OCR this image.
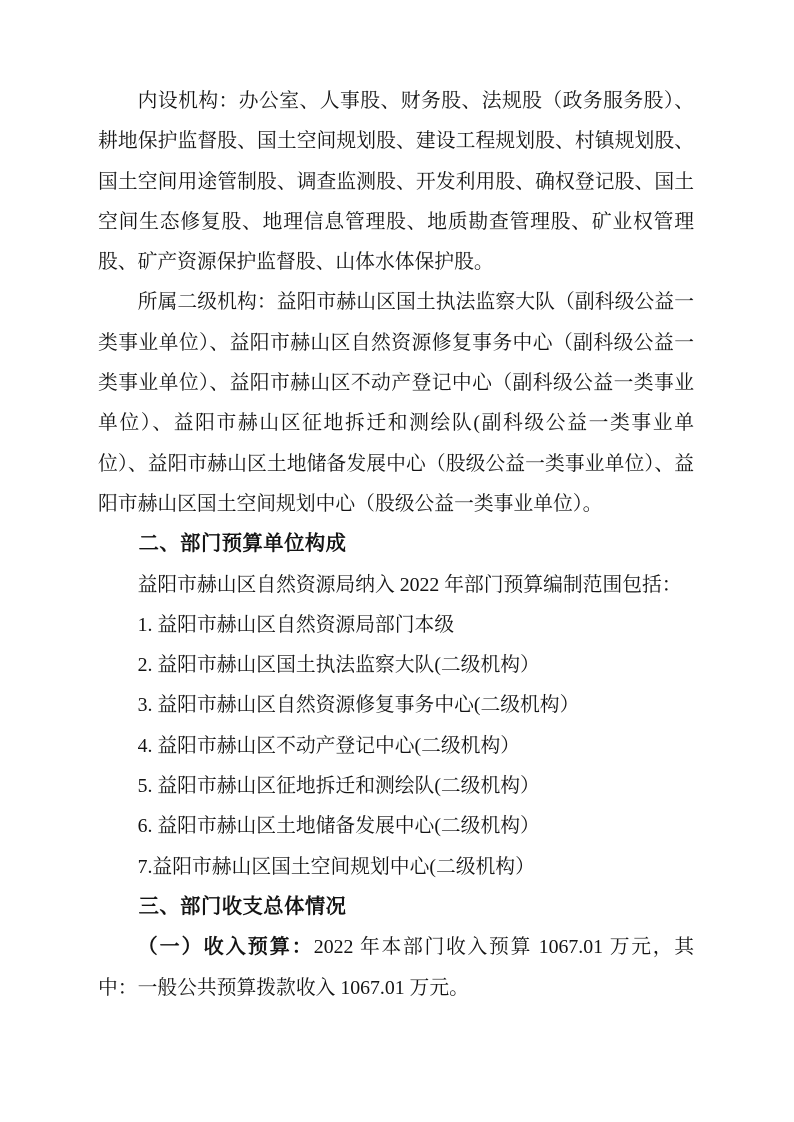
内设机构：办公室、人事股、财务股、法规股（政务服务股）、耕地保护监督股、国土空间规划股、建设工程规划股、村镇规划股、国土空间用途管制股、调查监测股、开发利用股、确权登记股、国土空间生态修复股、地理信息管理股、地质勘查管理股、矿业权管理股、矿产资源保护监督股、山体水体保护股。

所属二级机构：益阳市赫山区国土执法监察大队（副科级公益一类事业单位）、益阳市赫山区自然资源修复事务中心（副科级公益一类事业单位）、益阳市赫山区不动产登记中心（副科级公益一类事业单位）、益阳市赫山区征地拆迁和测绘队(副科级公益一类事业单位）、益阳市赫山区土地储备发展中心（股级公益一类事业单位）、益阳市赫山区国土空间规划中心（股级公益一类事业单位）。

二、部门预算单位构成

益阳市赫山区自然资源局纳入 2022 年部门预算编制范围包括：

1. 益阳市赫山区自然资源局部门本级

2. 益阳市赫山区国土执法监察大队(二级机构）

3. 益阳市赫山区自然资源修复事务中心(二级机构）

4. 益阳市赫山区不动产登记中心(二级机构）

5. 益阳市赫山区征地拆迁和测绘队(二级机构）

6. 益阳市赫山区土地储备发展中心(二级机构）

7.益阳市赫山区国土空间规划中心(二级机构）

三、部门收支总体情况

（一）收入预算：2022 年本部门收入预算 1067.01 万元，其中：一般公共预算拨款收入 1067.01 万元。
